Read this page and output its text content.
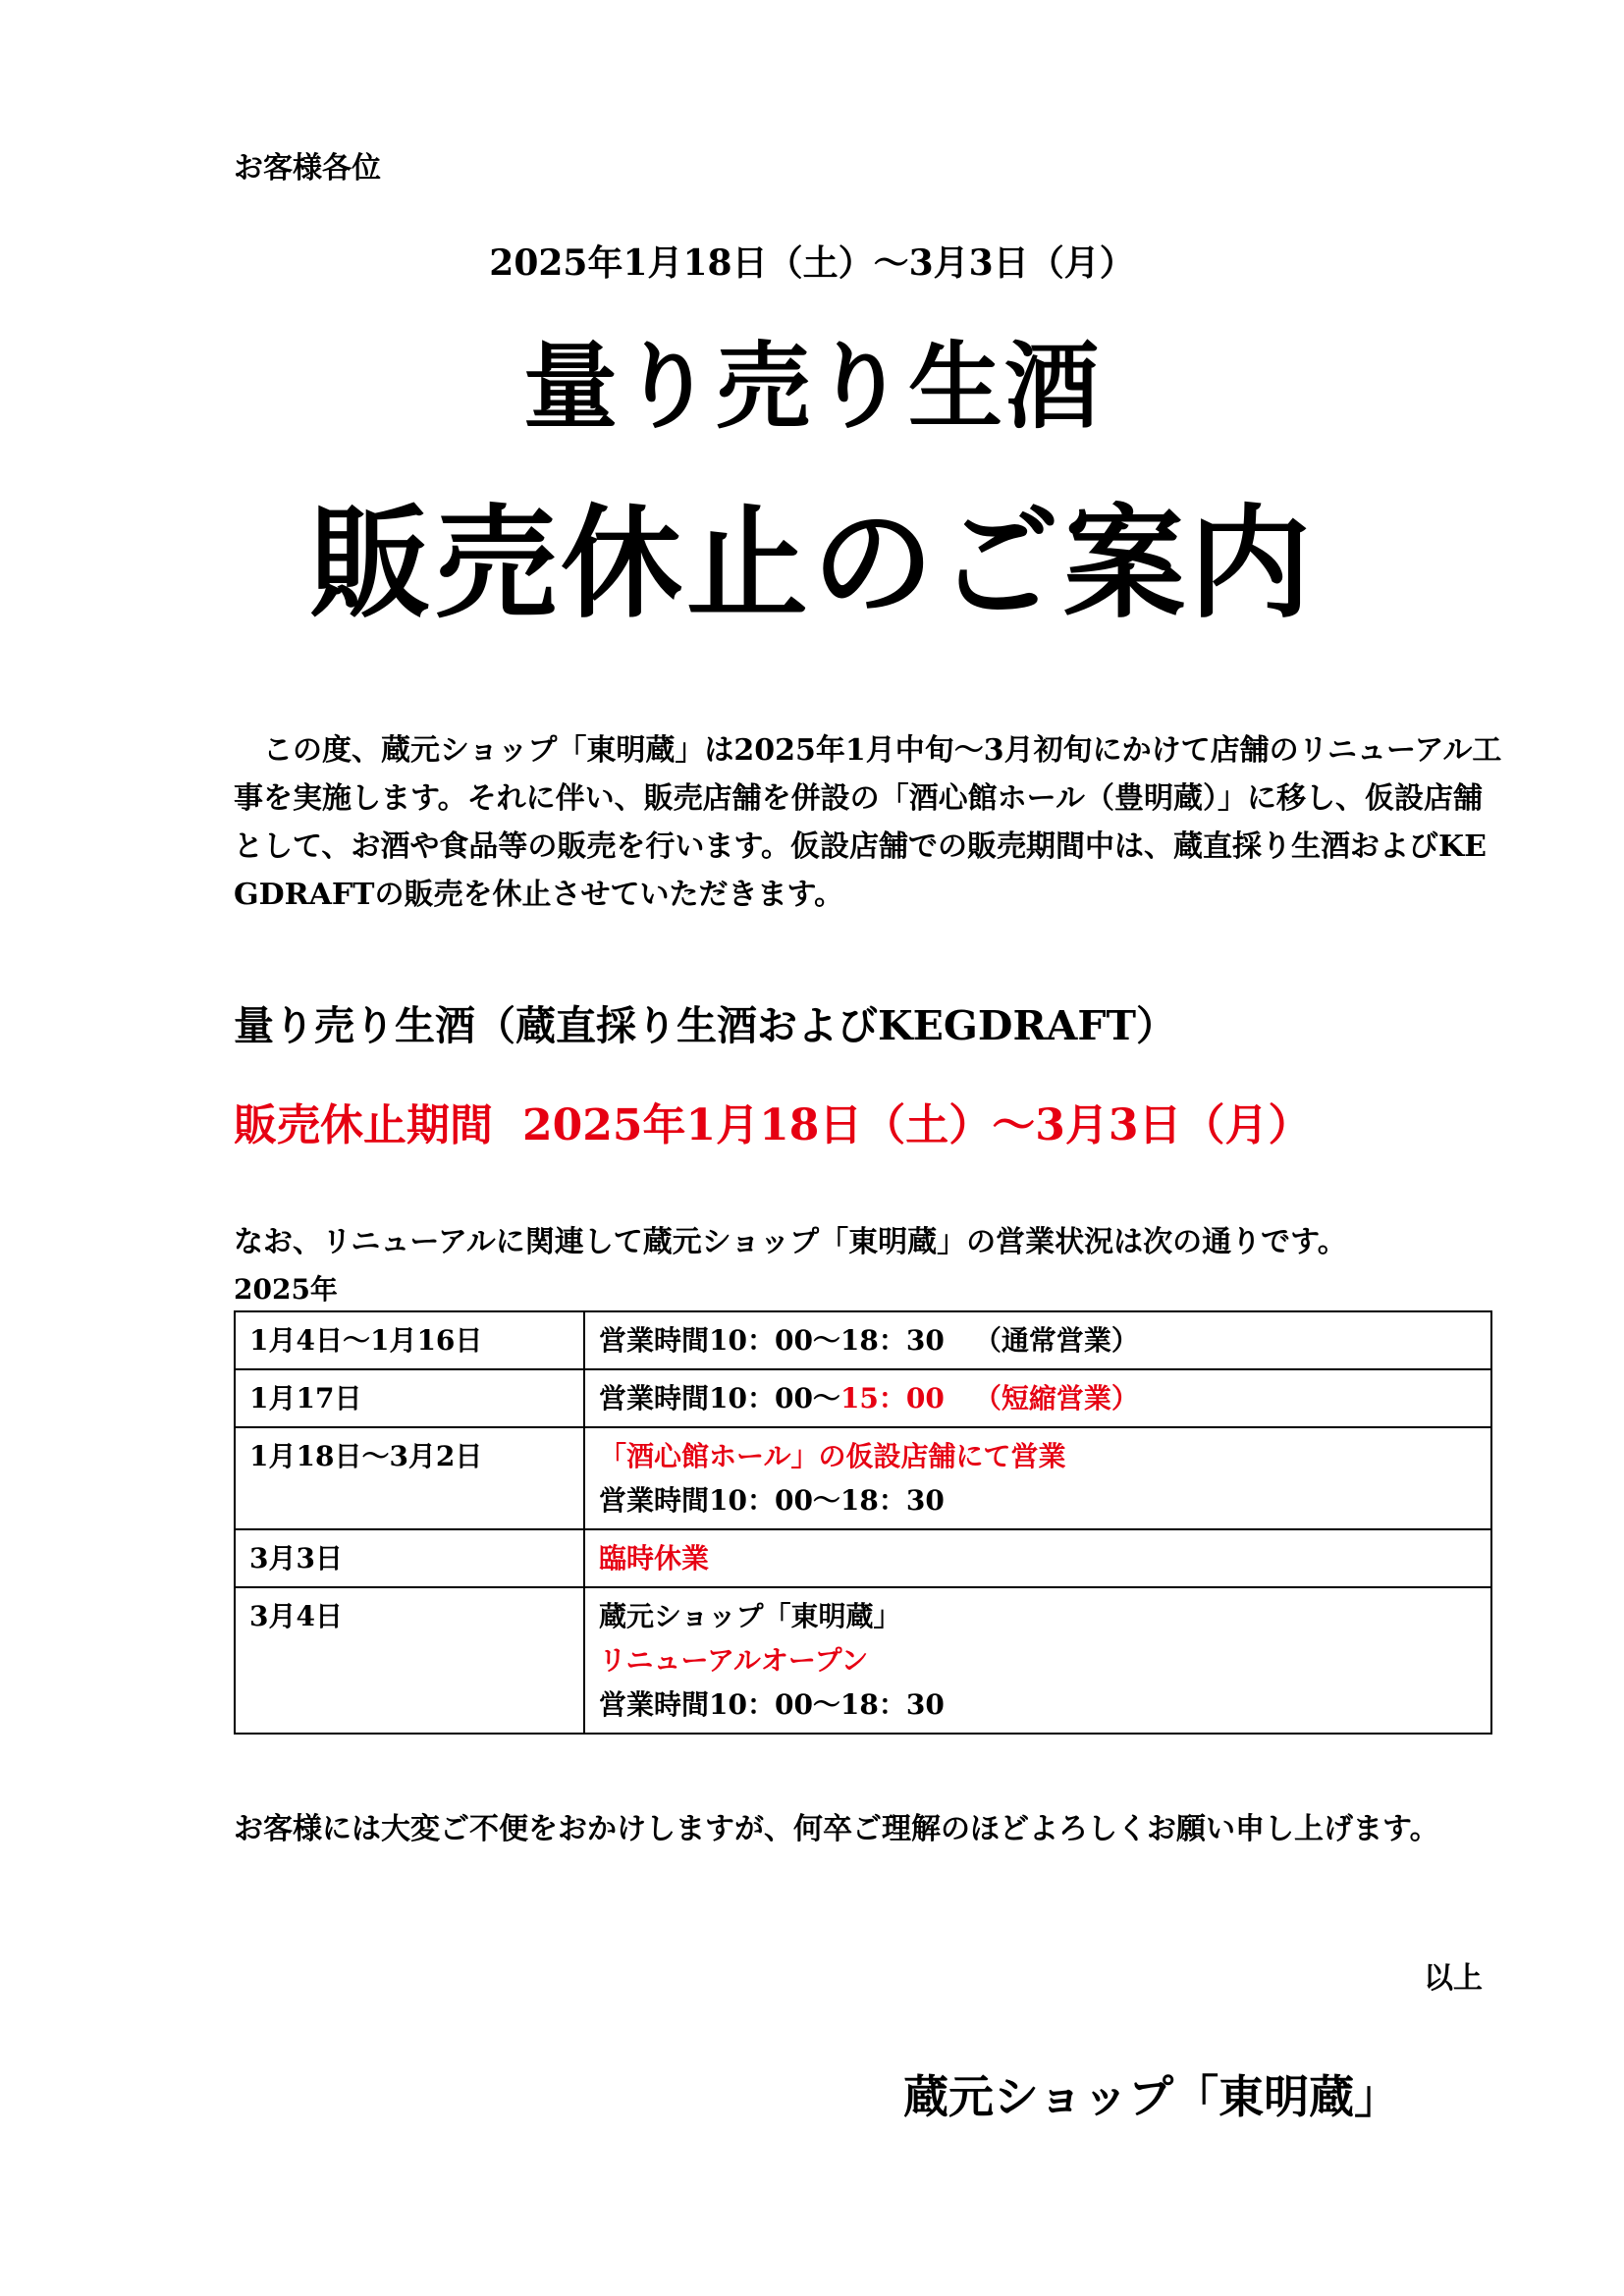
お客様各位

2025年1月18日（土）～3月3日（月）

量り売り生酒
販売休止のご案内

この度、蔵元ショップ「東明蔵」は2025年1月中旬～3月初旬にかけて店舗のリニューアル工事を実施します。それに伴い、販売店舗を併設の「酒心館ホール（豊明蔵）」に移し、仮設店舗として、お酒や食品等の販売を行います。仮設店舗での販売期間中は、蔵直採り生酒およびKEGDRAFTの販売を休止させていただきます。

量り売り生酒（蔵直採り生酒およびKEGDRAFT）

販売休止期間 2025年1月18日（土）～3月3日（月）

なお、リニューアルに関連して蔵元ショップ「東明蔵」の営業状況は次の通りです。

2025年

1月4日～1月16日	営業時間10：00～18：30 （通常営業）
1月17日	営業時間10：00～15：00 （短縮営業）
1月18日～3月2日	「酒心館ホール」の仮設店舗にて営業
営業時間10：00～18：30

3月3日	臨時休業
3月4日	蔵元ショップ「東明蔵」
リニューアルオープン
営業時間10：00～18：30

お客様には大変ご不便をおかけしますが、何卒ご理解のほどよろしくお願い申し上げます。

以上

蔵元ショップ「東明蔵」
